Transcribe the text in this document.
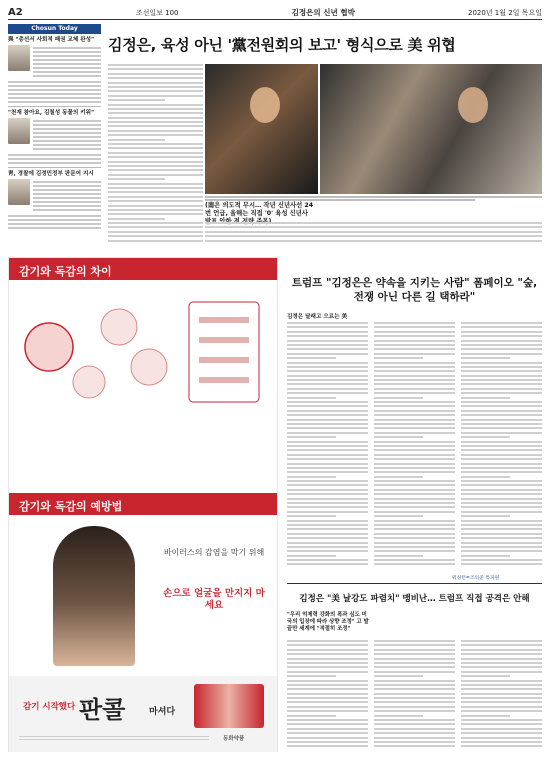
A2	조선일보 100	김정은의 신년 협박	2020년 1월 2일 목요일
Chosun Today
與 "총선서 사회적 패권 교체 완성"
"천재 참아요, 김칠성 동물의 키워"
靑, 경찰에 김정민정부 판문어 지시
김정은, 육성 아닌 '黨전원회의 보고' 형식으로 美 위협
(南은 의도적 무시… 작년 신년사선 24번 언급, 올해는 직접 '0' 육성 신년사
감기와 독감의 차이
감기와 독감의 예방법
바이러스의 감염을 막기 위해
손으로 얼굴을 만지지 마세요
감기 시작했다 판콜	마셔다
동화약품
트럼프 "김정은은 약속을 지키는 사람" 폼페이오 "숲, 전쟁 아닌 다른 길 택하라"
김정은 달래고 으르는 美
워싱턴=조의준 특파원
김정은 "美 날강도 파렴치" 맹비난… 트럼프 직접 공격은 안해
"우리 억제력 강화의 폭과 심도 미국의 입장에 따라 상향 조정" 고 발끝만 세계에 "적절히 조정"
